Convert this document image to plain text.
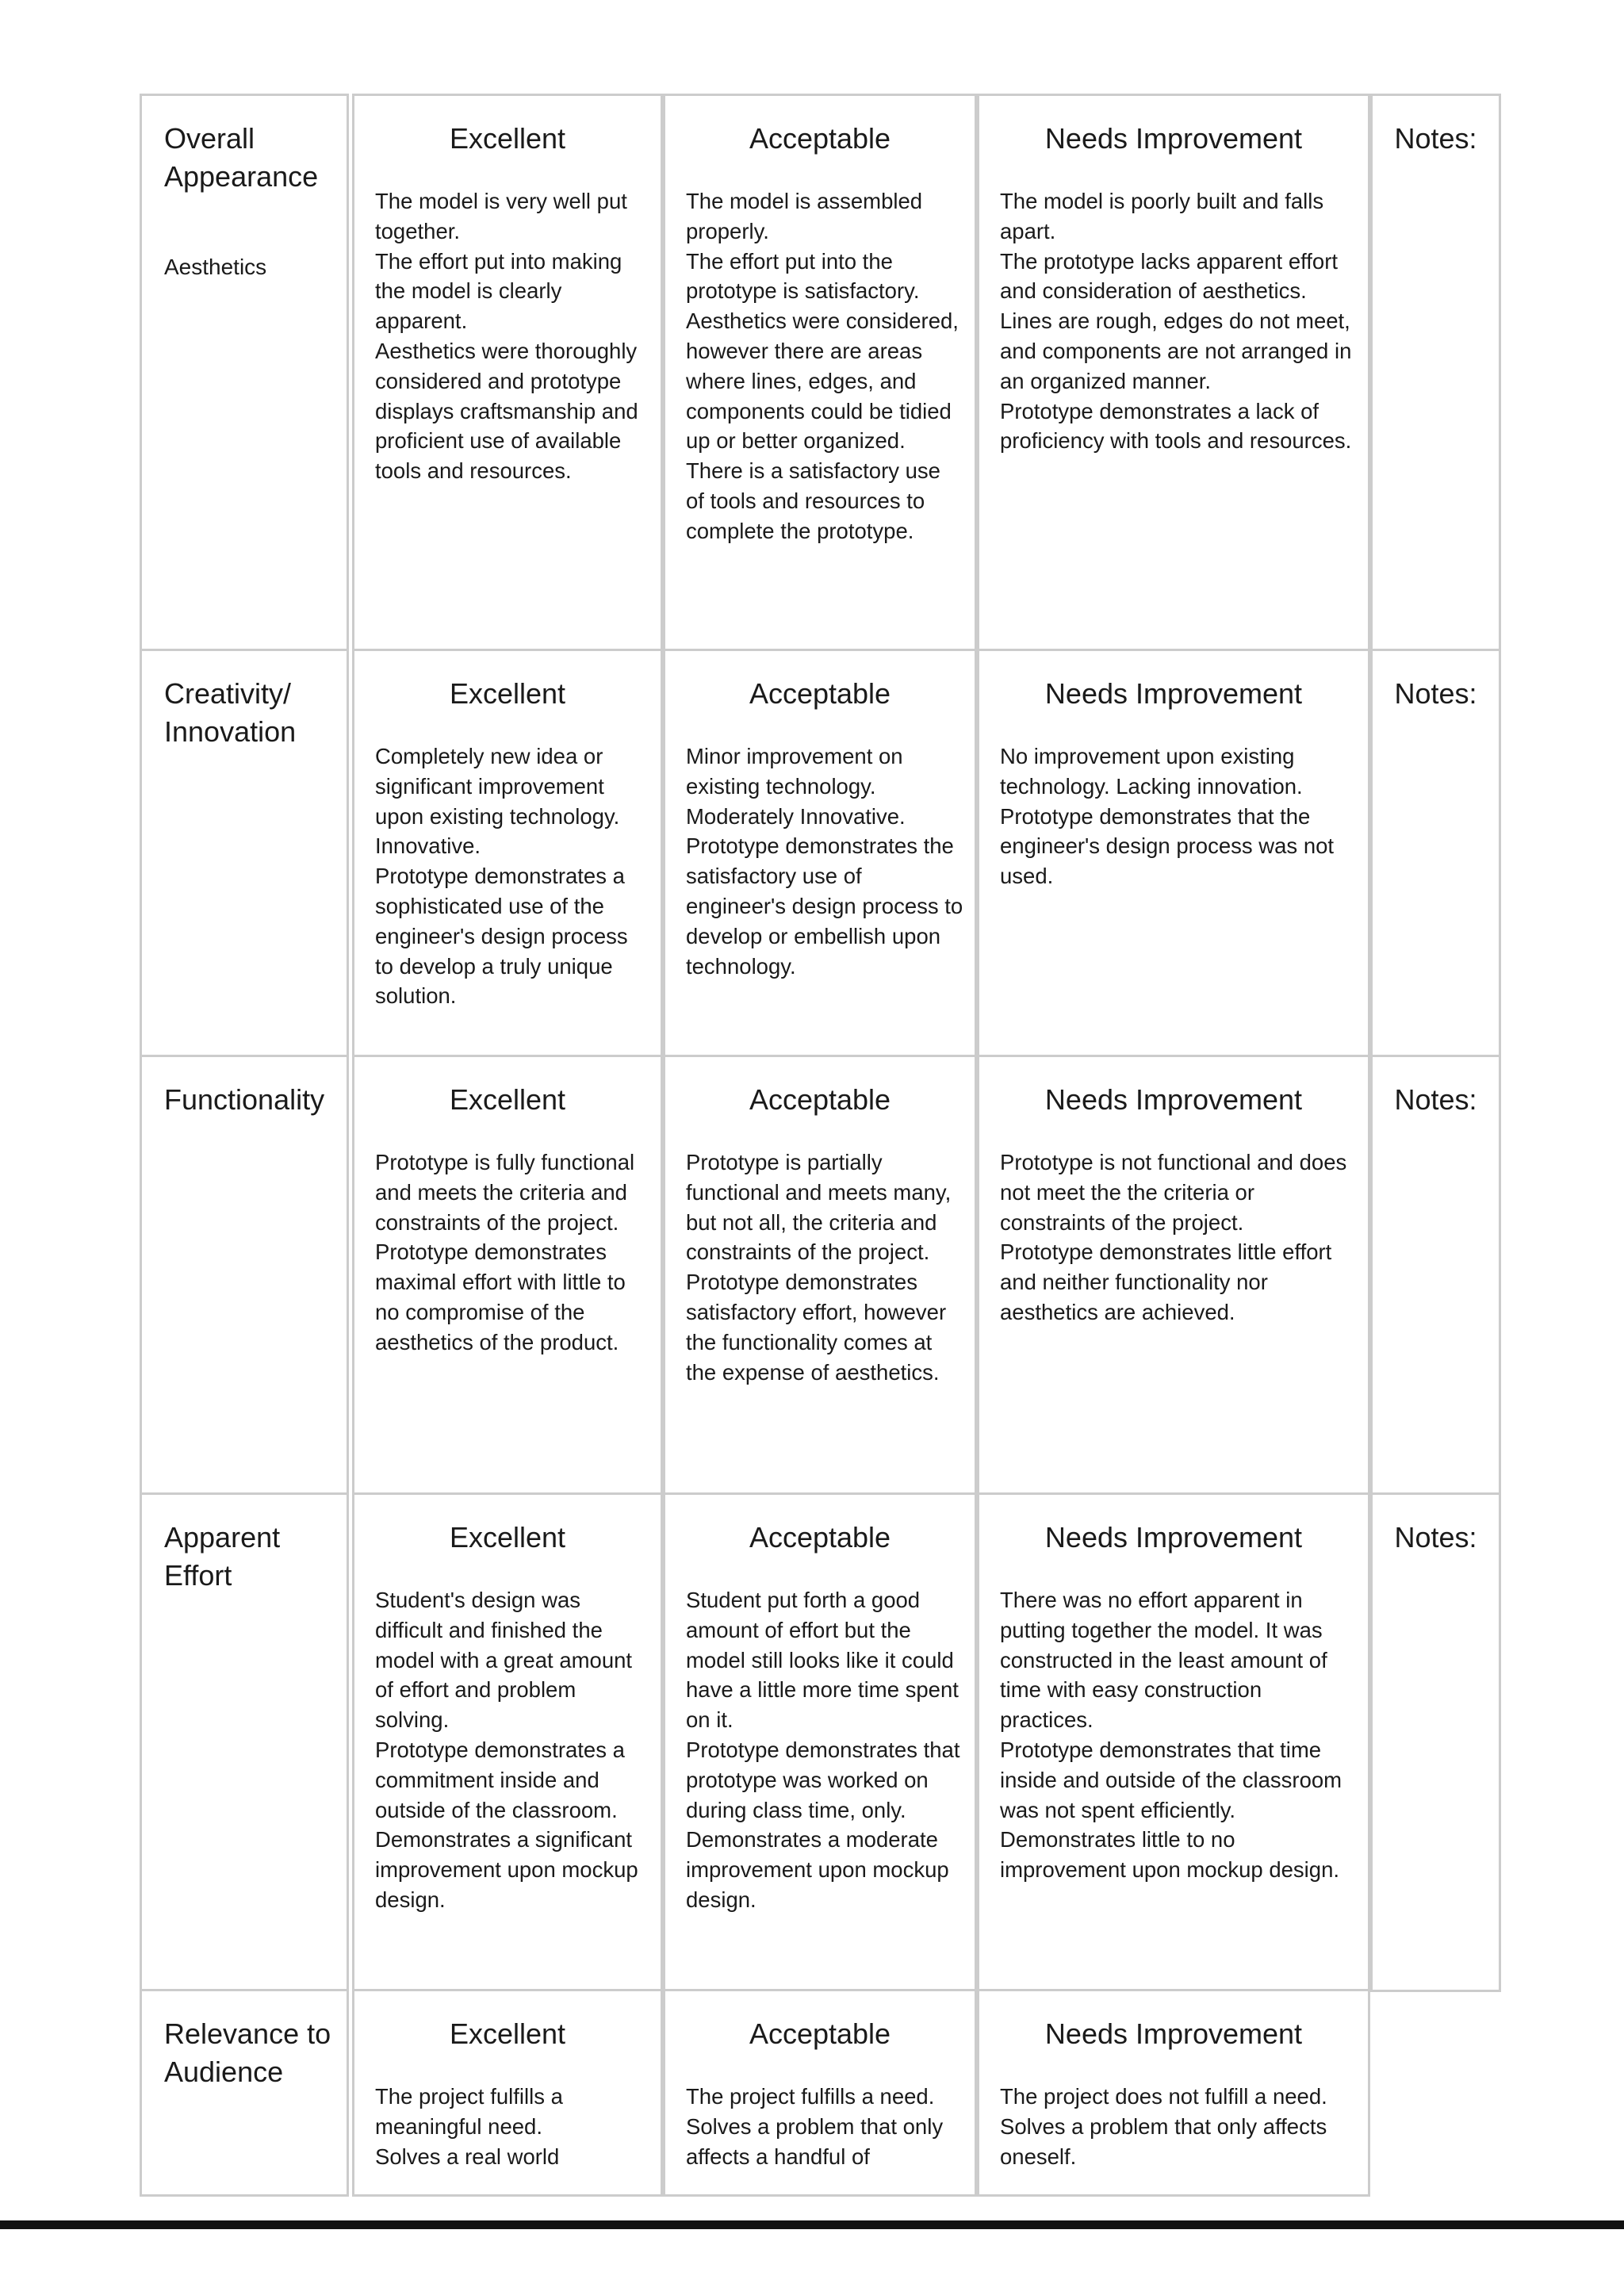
Overall Appearance
Aesthetics
Excellent
The model is very well put together.
The effort put into making the model is clearly apparent.
Aesthetics were thoroughly considered and prototype displays craftsmanship and proficient use of available tools and resources.
Acceptable
The model is assembled properly.
The effort put into the prototype is satisfactory.
Aesthetics were considered, however there are areas where lines, edges, and components could be tidied up or better organized.
There is a satisfactory use of tools and resources to complete the prototype.
Needs Improvement
The model is poorly built and falls apart.
The prototype lacks apparent effort and consideration of aesthetics. Lines are rough, edges do not meet, and components are not arranged in an organized manner.
Prototype demonstrates a lack of proficiency with tools and resources.
Notes:
Creativity/ Innovation
Excellent
Completely new idea or significant improvement upon existing technology. Innovative.
Prototype demonstrates a sophisticated use of the engineer's design process to develop a truly unique solution.
Acceptable
Minor improvement on existing technology. Moderately Innovative.
Prototype demonstrates the satisfactory use of engineer's design process to develop or embellish upon technology.
Needs Improvement
No improvement upon existing technology. Lacking innovation.
Prototype demonstrates that the engineer's design process was not used.
Notes:
Functionality	Excellent
Prototype is fully functional and meets the criteria and constraints of the project.
Prototype demonstrates maximal effort with little to no compromise of the aesthetics of the product.
Acceptable
Prototype is partially functional and meets many, but not all, the criteria and constraints of the project.
Prototype demonstrates satisfactory effort, however the functionality comes at the expense of aesthetics.
Needs Improvement
Prototype is not functional and does not meet the the criteria or constraints of the project.
Prototype demonstrates little effort and neither functionality nor aesthetics are achieved.
Notes:
Apparent Effort
Excellent
Student's design was difficult and finished the model with a great amount of effort and problem solving.
Prototype demonstrates a commitment inside and outside of the classroom.
Demonstrates a significant improvement upon mockup design.
Acceptable
Student put forth a good amount of effort but the model still looks like it could have a little more time spent on it.
Prototype demonstrates that prototype was worked on during class time, only.
Demonstrates a moderate improvement upon mockup design.
Needs Improvement
There was no effort apparent in putting together the model. It was constructed in the least amount of time with easy construction practices.
Prototype demonstrates that time inside and outside of the classroom was not spent efficiently.
Demonstrates little to no improvement upon mockup design.
Notes:
Relevance to Audience
Excellent
The project fulfills a meaningful need.
Solves a real world
Acceptable
The project fulfills a need.
Solves a problem that only affects a handful of
Needs Improvement
The project does not fulfill a need.
Solves a problem that only affects oneself.
